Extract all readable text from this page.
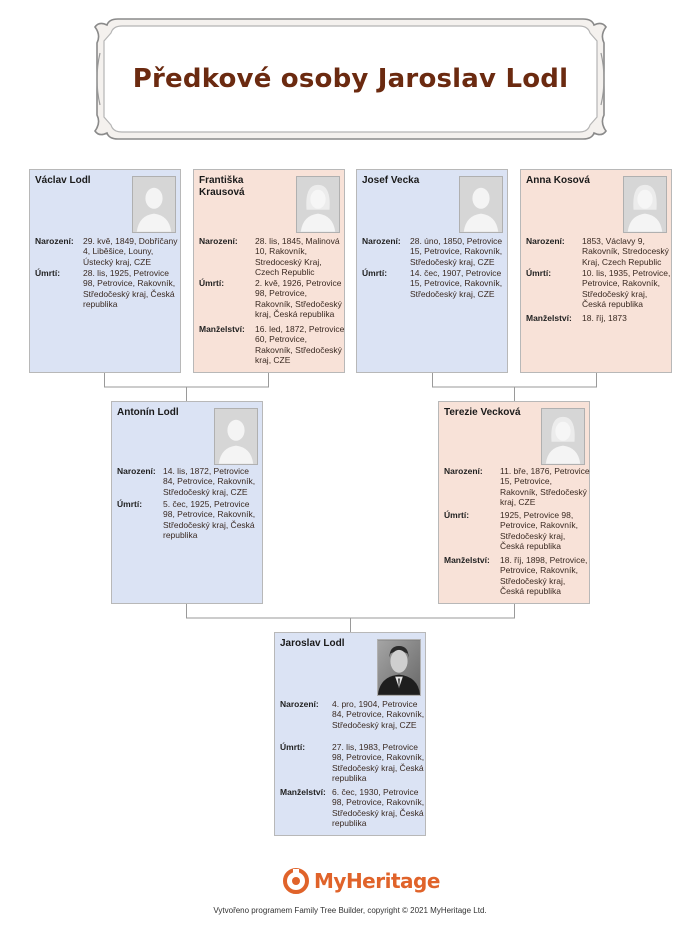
Předkové osoby Jaroslav Lodl
Václav Lodl
Narození: 29. kvě, 1849, Dobříčany 4, Liběšice, Louny, Ústecký kraj, CZE
Úmrtí:	28. lis, 1925, Petrovice 98, Petrovice, Rakovník, Středočeský kraj, Česká republika
Františka Krausová
Narození: 28. lis, 1845, Malinová 10, Rakovník, Stredoceský Kraj, Czech Republic
Úmrtí:	2. kvě, 1926, Petrovice 98, Petrovice, Rakovník, Středočeský kraj, Česká republika
Manželství: 16. led, 1872, Petrovice 60, Petrovice, Rakovník, Středočeský kraj, CZE
Josef Vecka
Narození: 28. úno, 1850, Petrovice 15, Petrovice, Rakovník, Středočeský kraj, CZE
Úmrtí:	14. čec, 1907, Petrovice 15, Petrovice, Rakovník, Středočeský kraj, CZE
Anna Kosová
Narození: 1853, Václavy 9, Rakovník, Stredoceský Kraj, Czech Republic
Úmrtí:	10. lis, 1935, Petrovice, Petrovice, Rakovník, Středočeský kraj, Česká republika
Manželství: 18. říj, 1873
Antonín Lodl
Narození: 14. lis, 1872, Petrovice 84, Petrovice, Rakovník, Středočeský kraj, CZE
Úmrtí: 5. čec, 1925, Petrovice 98, Petrovice, Rakovník, Středočeský kraj, Česká republika
Terezie Vecková
Narození: 11. bře, 1876, Petrovice 15, Petrovice, Rakovník, Středočeský kraj, CZE
Úmrtí:	1925, Petrovice 98, Petrovice, Rakovník, Středočeský kraj, Česká republika
Manželství: 18. říj, 1898, Petrovice, Petrovice, Rakovník, Středočeský kraj, Česká republika
Jaroslav Lodl
Narození: 4. pro, 1904, Petrovice 84, Petrovice, Rakovník, Středočeský kraj, CZE
Úmrtí:	27. lis, 1983, Petrovice 98, Petrovice, Rakovník, Středočeský kraj, Česká republika
Manželství: 6. čec, 1930, Petrovice 98, Petrovice, Rakovník, Středočeský kraj, Česká republika
MyHeritage
Vytvořeno programem Family Tree Builder, copyright © 2021 MyHeritage Ltd.
